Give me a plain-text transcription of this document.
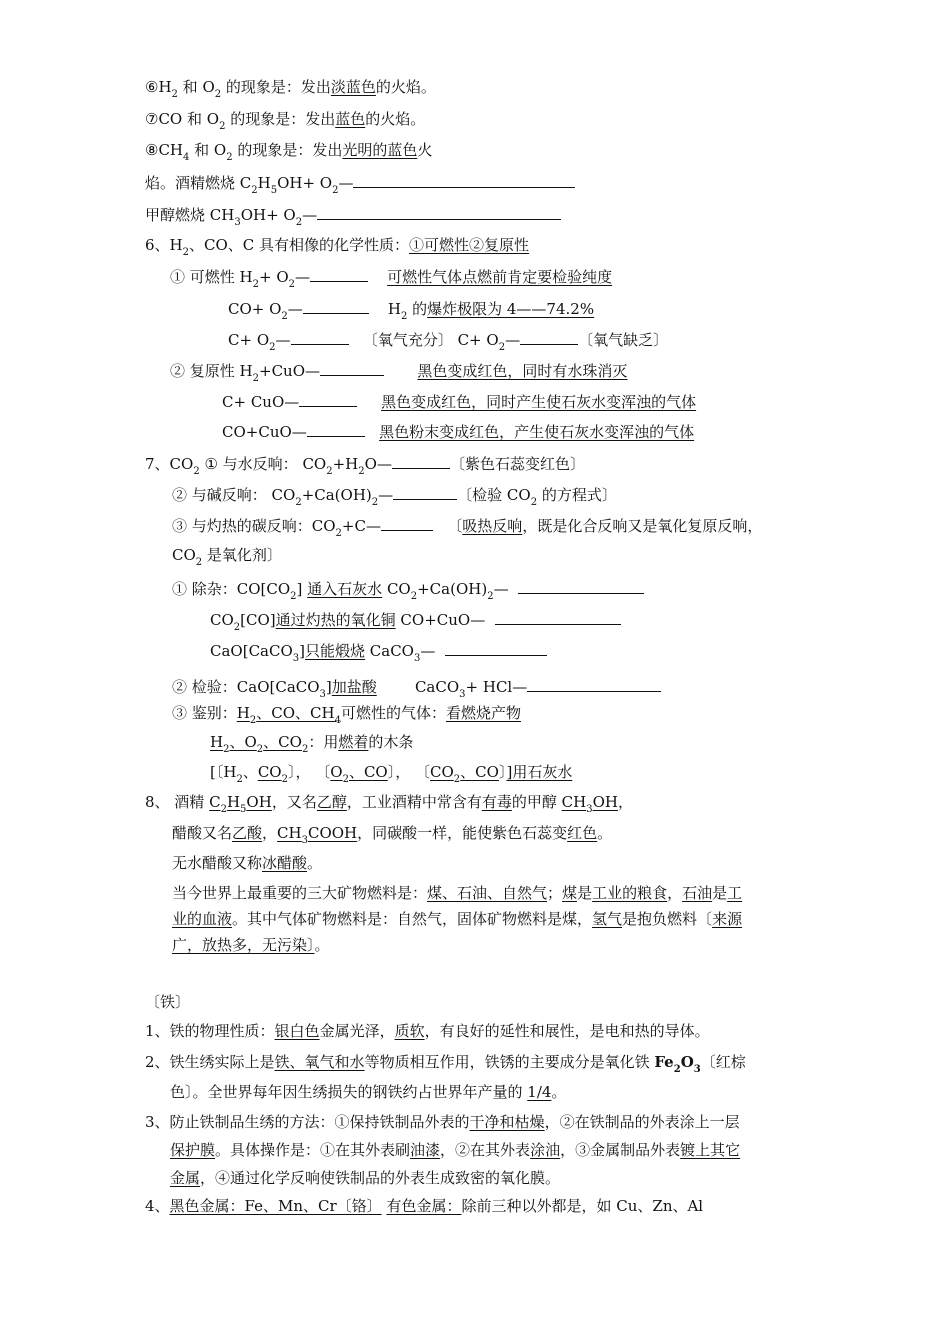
$⑥H_2$ 和 $O_2$ 的现象是：发出淡蓝色的火焰。
⑦CO 和 $O_2$ 的现象是：发出蓝色的火焰。
$⑧CH_4$ 和 $O_2$ 的现象是：发出光明的蓝色火
焰。酒精燃烧 $C_2H_5OH+$ $O_2—$
甲醇燃烧 $CH_3OH+$ $O_2—$
6、$H_2$、CO、C 具有相像的化学性质：①可燃性②复原性
① 可燃性 $H_2+$ $O_2—$	可燃性气体点燃前肯定要检验纯度
$CO+ O_2—$	$H_2$ 的爆炸极限为 4——74.2%
$C+ O_2—$	〔氧气充分〕 $C+ O_2—$	〔氧气缺乏〕
② 复原性 $H_2+CuO—$	黑色变成红色，同时有水珠消灭
C+ CuO—	黑色变成红色，同时产生使石灰水变浑浊的气体
CO+CuO—	黑色粉末变成红色，产生使石灰水变浑浊的气体
7、$CO_2$ ① 与水反响： $CO_2+H_2O—$	〔紫色石蕊变红色〕
② 与碱反响： $CO_2+Ca(OH)_2—$	〔检验 $CO_2$ 的方程式〕
③ 与灼热的碳反响：$CO_2+C—$	〔吸热反响，既是化合反响又是氧化复原反响，
$CO_2$ 是氧化剂〕
① 除杂：$CO[CO_2]$ 通入石灰水 $CO_2+Ca(OH)_2—$
$CO_2[CO]$通过灼热的氧化铜 CO+CuO—
CaO[CaCO$_3$]只能煅烧 CaCO$_3$—
② 检验：CaO[CaCO$_3$]加盐酸	CaCO$_3$+ HCl—
③ 鉴别：$H_2$、CO、$CH_4$可燃性的气体：看燃烧产物
$H_2$、$O_2$、$CO_2$：用燃着的木条
[〔$H_2$、$CO_2$〕， 〔$O_2$、CO〕， 〔$CO_2$、CO〕]用石灰水
8、 酒精 $C_2H_5OH$，又名乙醇，工业酒精中常含有有毒的甲醇 $CH_3OH$，
醋酸又名乙酸，$CH_3COOH$，同碳酸一样，能使紫色石蕊变红色。
无水醋酸又称冰醋酸。
当今世界上最重要的三大矿物燃料是：煤、石油、自然气；煤是工业的粮食，石油是工
业的血液。其中气体矿物燃料是：自然气，固体矿物燃料是煤，氢气是抱负燃料〔来源
广，放热多，无污染〕。
〔铁〕
1、铁的物理性质：银白色金属光泽，质软，有良好的延性和展性，是电和热的导体。
2、铁生绣实际上是铁、氧气和水等物质相互作用，铁锈的主要成分是氧化铁 $Fe_2O_3$〔红棕
色〕。全世界每年因生绣损失的钢铁约占世界年产量的 1/4。
3、防止铁制品生绣的方法：①保持铁制品外表的干净和枯燥，②在铁制品的外表涂上一层
保护膜。具体操作是：①在其外表刷油漆，②在其外表涂油，③金属制品外表镀上其它
金属，④通过化学反响使铁制品的外表生成致密的氧化膜。
4、黑色金属：Fe、Mn、Cr〔铬〕 有色金属：除前三种以外都是，如 Cu、Zn、Al
